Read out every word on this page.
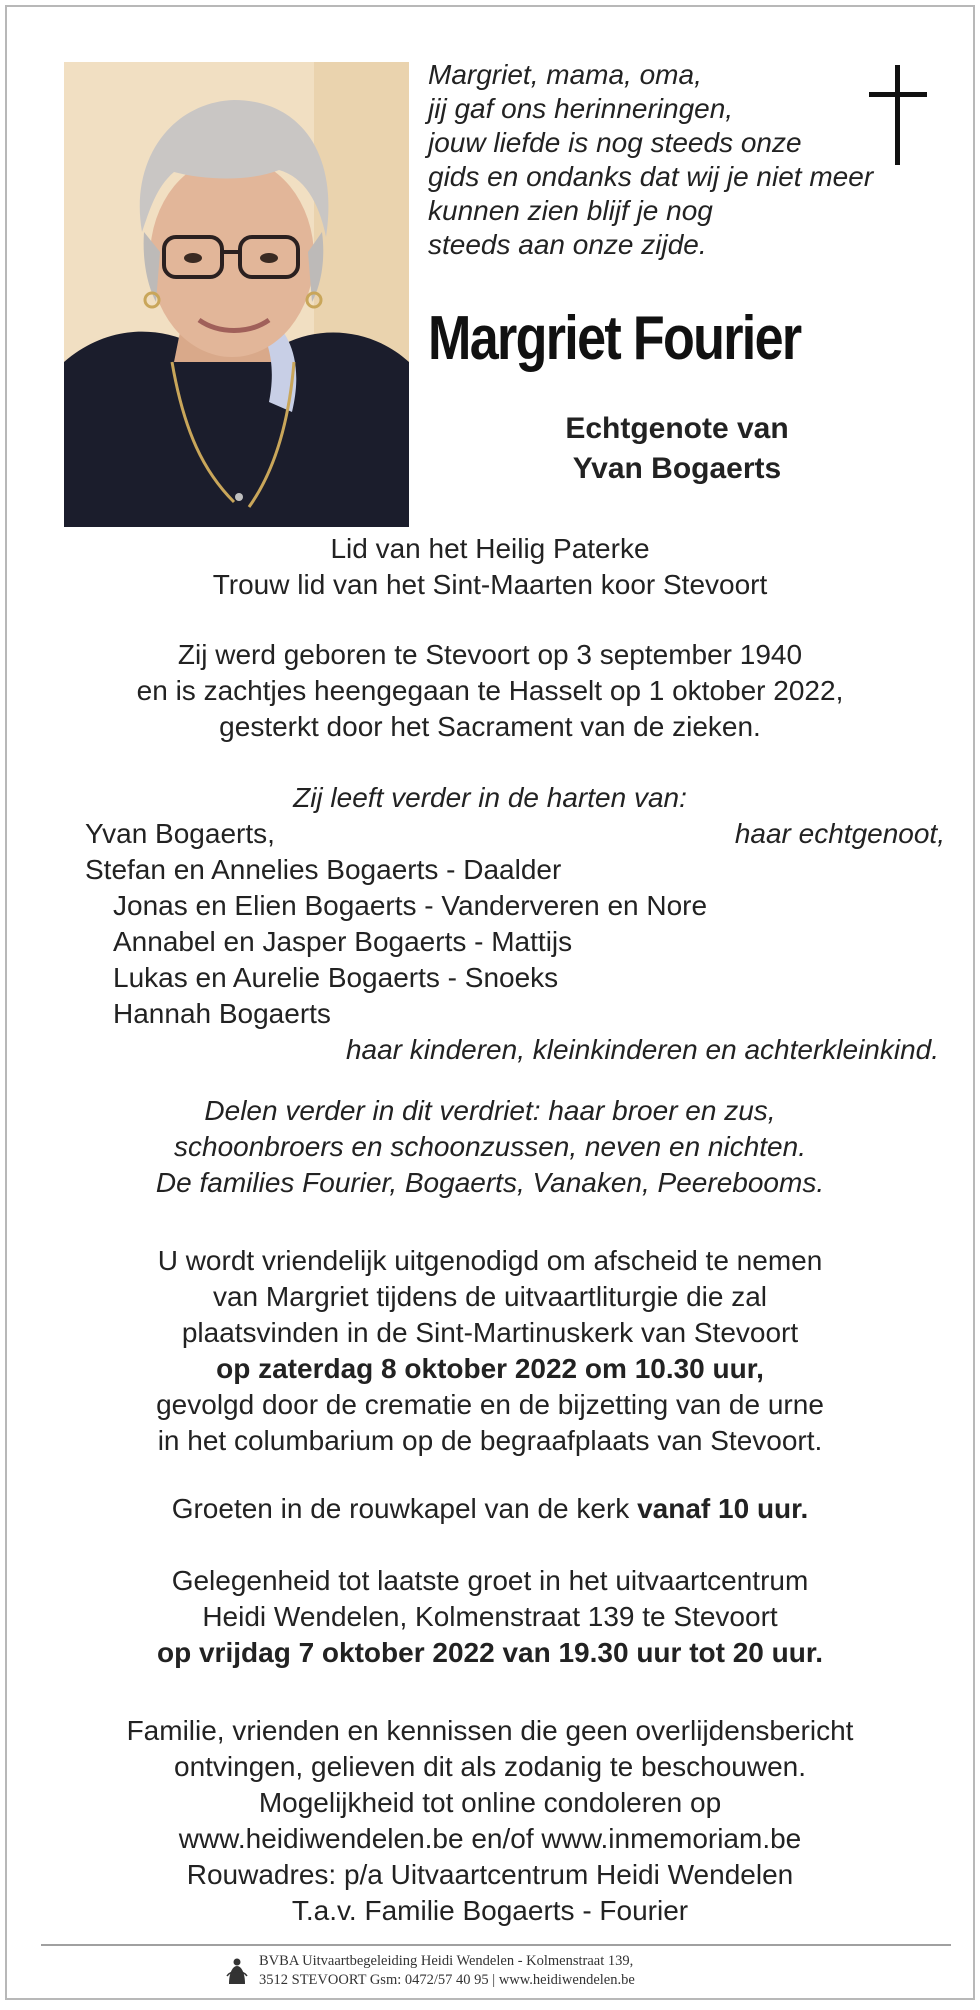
Margriet, mama, oma,
jij gaf ons herinneringen,
jouw liefde is nog steeds onze
gids en ondanks dat wij je niet meer
kunnen zien blijf je nog
steeds aan onze zijde.
Margriet Fourier
Echtgenote van
Yvan Bogaerts
Lid van het Heilig Paterke
Trouw lid van het Sint-Maarten koor Stevoort
Zij werd geboren te Stevoort op 3 september 1940
en is zachtjes heengegaan te Hasselt op 1 oktober 2022,
gesterkt door het Sacrament van de zieken.
Zij leeft verder in de harten van:
Yvan Bogaerts,	haar echtgenoot,
Stefan en Annelies Bogaerts - Daalder
Jonas en Elien Bogaerts - Vanderveren en Nore
Annabel en Jasper Bogaerts - Mattijs
Lukas en Aurelie Bogaerts - Snoeks
Hannah Bogaerts
haar kinderen, kleinkinderen en achterkleinkind.
Delen verder in dit verdriet: haar broer en zus,
schoonbroers en schoonzussen, neven en nichten.
De families Fourier, Bogaerts, Vanaken, Peerebooms.
U wordt vriendelijk uitgenodigd om afscheid te nemen
van Margriet tijdens de uitvaartliturgie die zal
plaatsvinden in de Sint-Martinuskerk van Stevoort
op zaterdag 8 oktober 2022 om 10.30 uur,
gevolgd door de crematie en de bijzetting van de urne
in het columbarium op de begraafplaats van Stevoort.
Groeten in de rouwkapel van de kerk vanaf 10 uur.
Gelegenheid tot laatste groet in het uitvaartcentrum
Heidi Wendelen, Kolmenstraat 139 te Stevoort
op vrijdag 7 oktober 2022 van 19.30 uur tot 20 uur.
Familie, vrienden en kennissen die geen overlijdensbericht
ontvingen, gelieven dit als zodanig te beschouwen.
Mogelijkheid tot online condoleren op
www.heidiwendelen.be en/of www.inmemoriam.be
Rouwadres: p/a Uitvaartcentrum Heidi Wendelen
T.a.v. Familie Bogaerts - Fourier
BVBA Uitvaartbegeleiding Heidi Wendelen - Kolmenstraat 139,
3512 STEVOORT Gsm: 0472/57 40 95 | www.heidiwendelen.be
